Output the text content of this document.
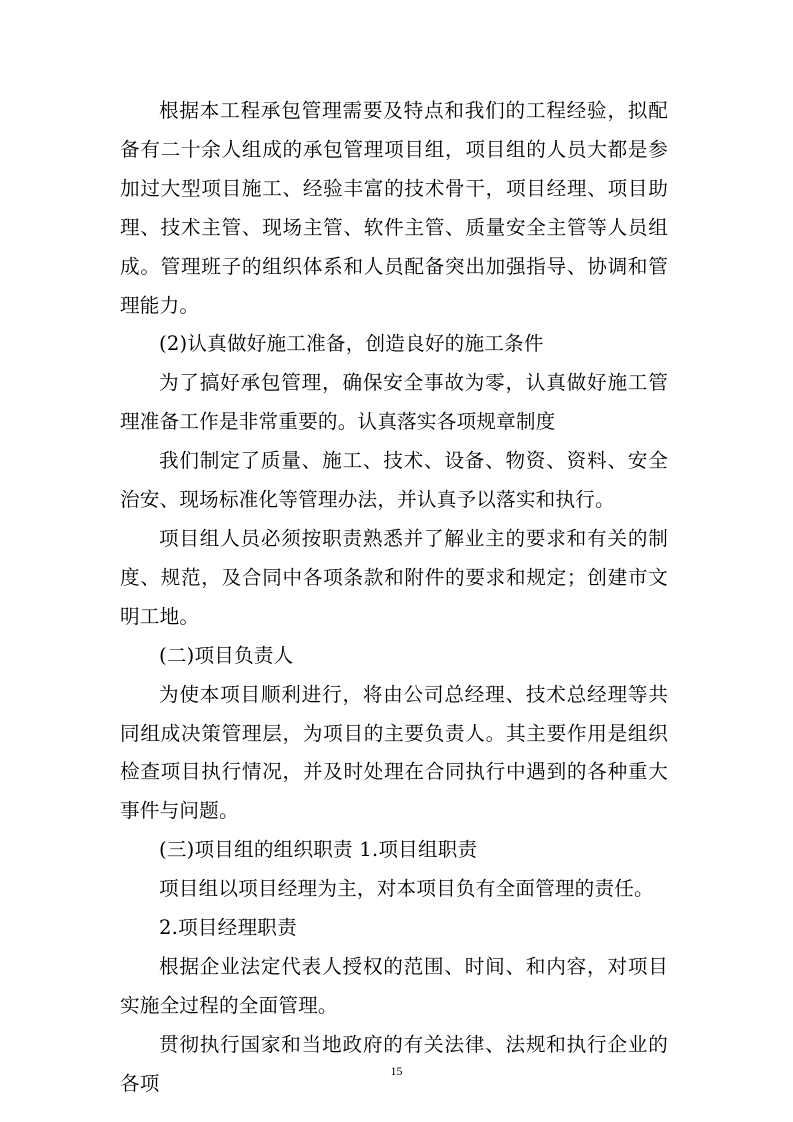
根据本工程承包管理需要及特点和我们的工程经验，拟配备有二十余人组成的承包管理项目组，项目组的人员大都是参加过大型项目施工、经验丰富的技术骨干，项目经理、项目助理、技术主管、现场主管、软件主管、质量安全主管等人员组成。管理班子的组织体系和人员配备突出加强指导、协调和管理能力。

(2)认真做好施工准备，创造良好的施工条件

为了搞好承包管理，确保安全事故为零，认真做好施工管理准备工作是非常重要的。认真落实各项规章制度

我们制定了质量、施工、技术、设备、物资、资料、安全治安、现场标准化等管理办法，并认真予以落实和执行。

项目组人员必须按职责熟悉并了解业主的要求和有关的制度、规范，及合同中各项条款和附件的要求和规定；创建市文明工地。

(二)项目负责人

为使本项目顺利进行，将由公司总经理、技术总经理等共同组成决策管理层，为项目的主要负责人。其主要作用是组织检查项目执行情况，并及时处理在合同执行中遇到的各种重大事件与问题。

(三)项目组的组织职责 1.项目组职责

项目组以项目经理为主，对本项目负有全面管理的责任。

2.项目经理职责

根据企业法定代表人授权的范围、时间、和内容，对项目实施全过程的全面管理。

贯彻执行国家和当地政府的有关法律、法规和执行企业的各项

15
